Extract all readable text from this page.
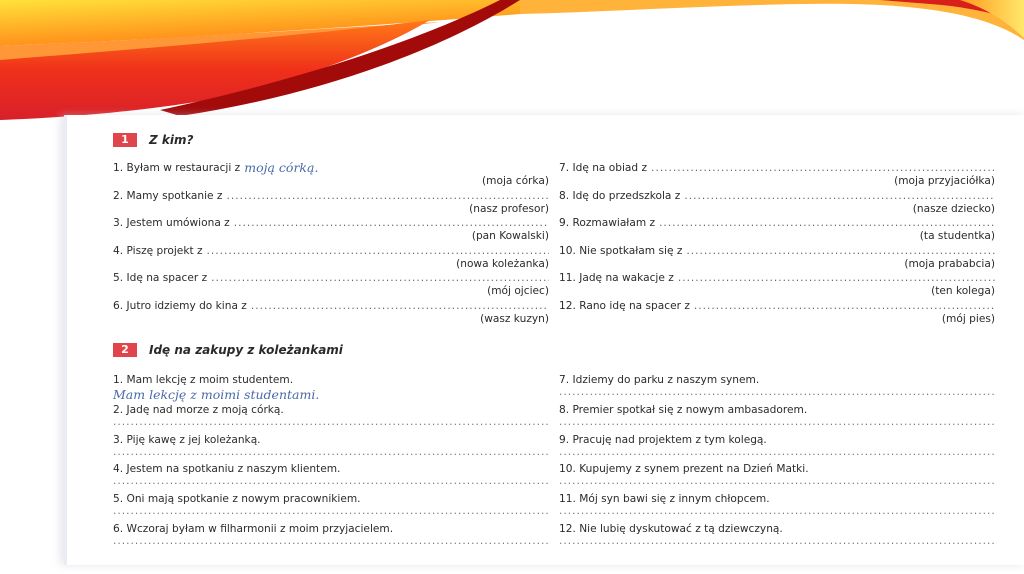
1	Z kim?
1. Byłam w restauracji z moją córką.
(moja córka)
2. Mamy spotkanie z
.....
(nasz profesor)
3. Jestem umówiona z
.....
(pan Kowalski)
4. Piszę projekt z
.....
(nowa koleżanka)
5. Idę na spacer z
.....
(mój ojciec)
6. Jutro idziemy do kina z
.....
(wasz kuzyn)
7. Idę na obiad z
.....
(moja przyjaciółka)
8. Idę do przedszkola z
.....
(nasze dziecko)
9. Rozmawiałam z
.....
(ta studentka)
10. Nie spotkałam się z
.....
(moja prababcia)
11. Jadę na wakacje z
.....
(ten kolega)
12. Rano idę na spacer z
.....
(mój pies)
2	Idę na zakupy z koleżankami
1. Mam lekcję z moim studentem.
Mam lekcję z moimi studentami.
2. Jadę nad morze z moją córką.
.....
3. Piję kawę z jej koleżanką.
.....
4. Jestem na spotkaniu z naszym klientem.
.....
5. Oni mają spotkanie z nowym pracownikiem.
.....
6. Wczoraj byłam w filharmonii z moim przyjacielem.
.....
7. Idziemy do parku z naszym synem.
.....
8. Premier spotkał się z nowym ambasadorem.
.....
9. Pracuję nad projektem z tym kolegą.
.....
10. Kupujemy z synem prezent na Dzień Matki.
.....
11. Mój syn bawi się z innym chłopcem.
.....
12. Nie lubię dyskutować z tą dziewczyną.
.....
